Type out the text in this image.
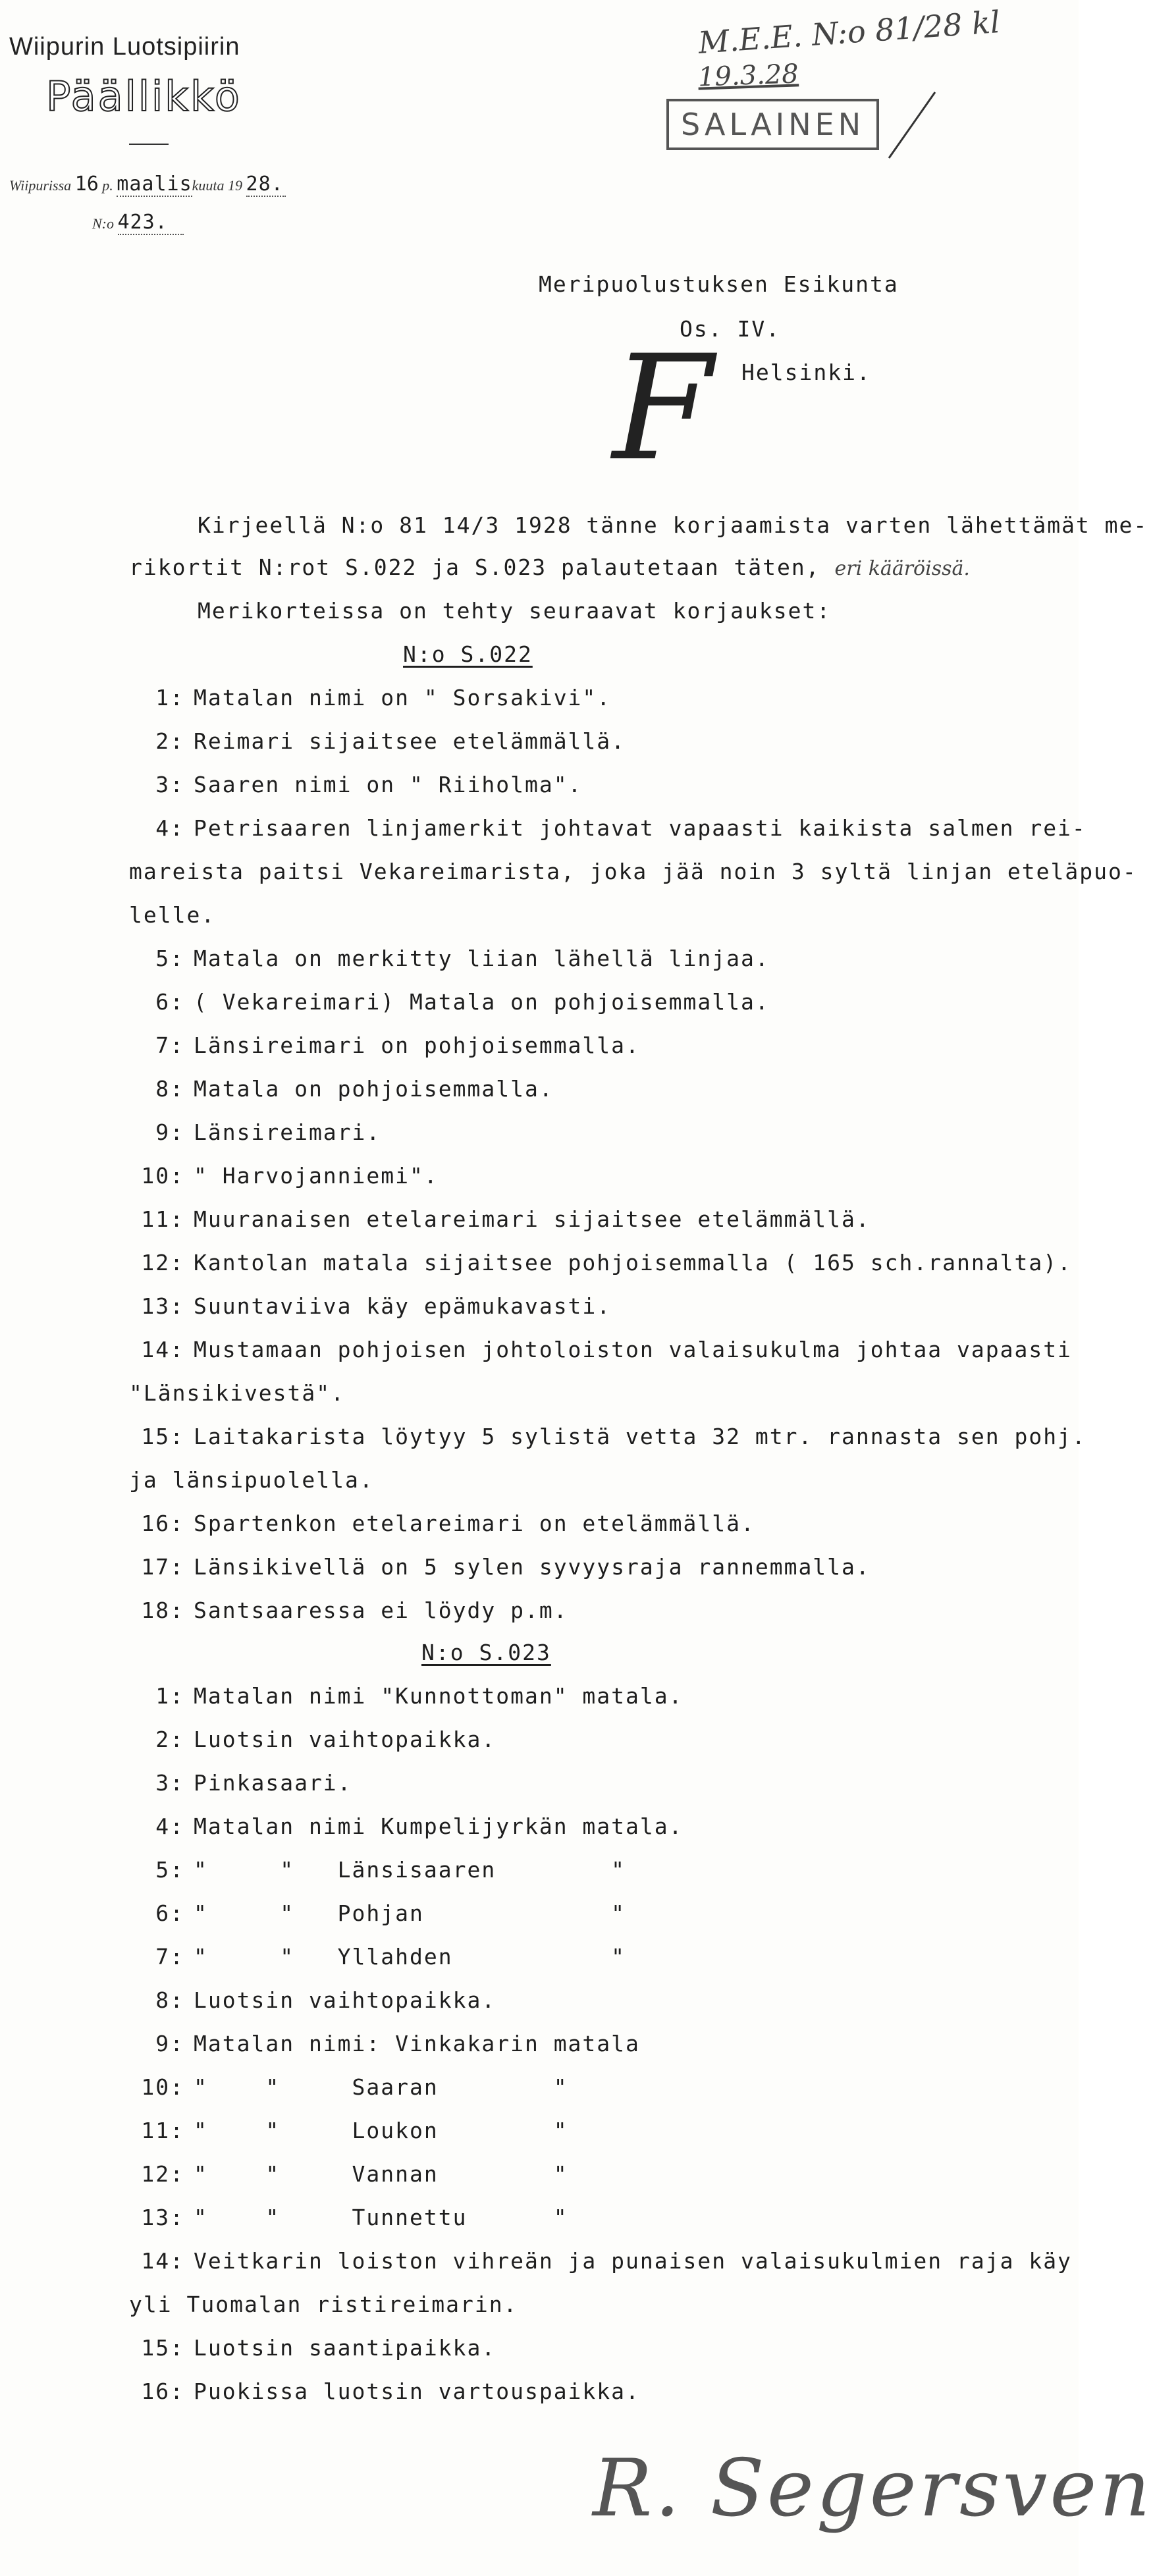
Wiipurin Luotsipiirin
Päällikkö
Wiipurissa 16 p. maaliskuuta 19 28.
N:o 423.
M.E.E. N:o 81/28 kl
19.3.28
SALAINEN
Meripuolustuksen Esikunta
Os. IV.
Helsinki.
F
Kirjeellä N:o 81 14/3 1928 tänne korjaamista varten lähettämät me-
rikortit N:rot S.022 ja S.023 palautetaan täten, eri kääröissä.
Merikorteissa on tehty seuraavat korjaukset:
N:o S.022
1: Matalan nimi on " Sorsakivi".
2: Reimari sijaitsee etelämmällä.
3: Saaren nimi on " Riiholma".
4: Petrisaaren linjamerkit johtavat vapaasti kaikista salmen rei-
mareista paitsi Vekareimarista, joka jää noin 3 syltä linjan eteläpuo-
lelle.
5: Matala on merkitty liian lähellä linjaa.
6: ( Vekareimari) Matala on pohjoisemmalla.
7: Länsireimari on pohjoisemmalla.
8: Matala on pohjoisemmalla.
9: Länsireimari.
10: " Harvojanniemi".
11: Muuranaisen etelareimari sijaitsee etelämmällä.
12: Kantolan matala sijaitsee pohjoisemmalla ( 165 sch.rannalta).
13: Suuntaviiva käy epämukavasti.
14: Mustamaan pohjoisen johtoloiston valaisukulma johtaa vapaasti
"Länsikivestä".
15: Laitakarista löytyy 5 sylistä vetta 32 mtr. rannasta sen pohj.
ja länsipuolella.
16: Spartenkon etelareimari on etelämmällä.
17: Länsikivellä on 5 sylen syvyysraja rannemmalla.
18: Santsaaressa ei löydy p.m.
N:o S.023
1: Matalan nimi "Kunnottoman" matala.
2: Luotsin vaihtopaikka.
3: Pinkasaari.
4: Matalan nimi Kumpelijyrkän matala.
5: "     "   Länsisaaren        "
6: "     "   Pohjan             "
7: "     "   Yllahden           "
8: Luotsin vaihtopaikka.
9: Matalan nimi: Vinkakarin matala
10: "    "     Saaran        "
11: "    "     Loukon        "
12: "    "     Vannan        "
13: "    "     Tunnettu      "
14: Veitkarin loiston vihreän ja punaisen valaisukulmien raja käy
yli Tuomalan ristireimarin.
15: Luotsin saantipaikka.
16: Puokissa luotsin vartouspaikka.
R. Segersven
